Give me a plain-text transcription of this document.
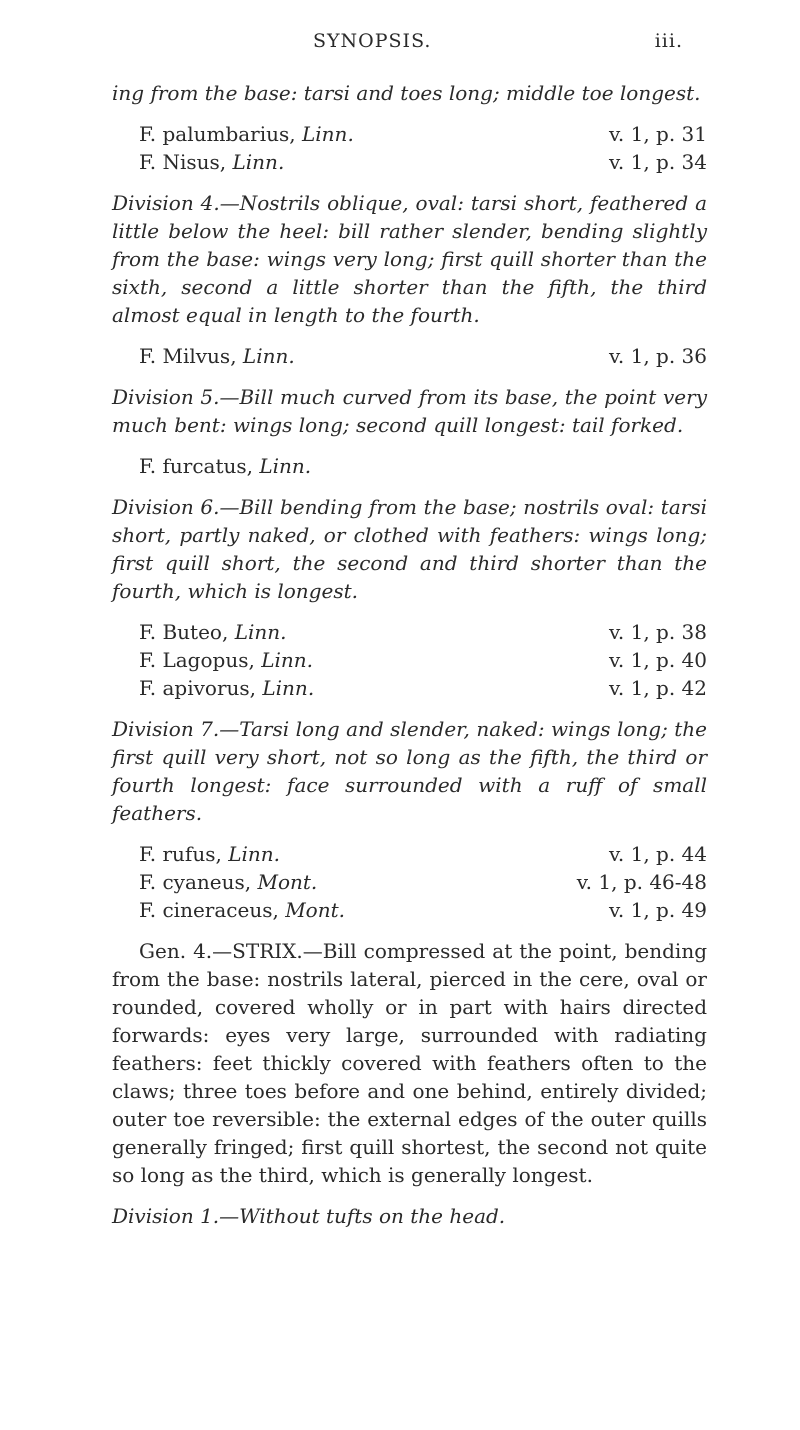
SYNOPSIS.	iii.

ing from the base: tarsi and toes long; middle toe longest.

F. palumbarius, Linn.	v. 1, p. 31
F. Nisus, Linn.	v. 1, p. 34

Division 4.—Nostrils oblique, oval: tarsi short, feathered a little below the heel: bill rather slender, bending slightly from the base: wings very long; first quill shorter than the sixth, second a little shorter than the fifth, the third almost equal in length to the fourth.

F. Milvus, Linn.	v. 1, p. 36

Division 5.—Bill much curved from its base, the point very much bent: wings long; second quill longest: tail forked.

F. furcatus, Linn.

Division 6.—Bill bending from the base; nostrils oval: tarsi short, partly naked, or clothed with feathers: wings long; first quill short, the second and third shorter than the fourth, which is longest.

F. Buteo, Linn.	v. 1, p. 38
F. Lagopus, Linn.	v. 1, p. 40
F. apivorus, Linn.	v. 1, p. 42

Division 7.—Tarsi long and slender, naked: wings long; the first quill very short, not so long as the fifth, the third or fourth longest: face surrounded with a ruff of small feathers.

F. rufus, Linn.	v. 1, p. 44
F. cyaneus, Mont.	v. 1, p. 46-48
F. cineraceus, Mont.	v. 1, p. 49

Gen. 4.—STRIX.—Bill compressed at the point, bending from the base: nostrils lateral, pierced in the cere, oval or rounded, covered wholly or in part with hairs directed forwards: eyes very large, surrounded with radiating feathers: feet thickly covered with feathers often to the claws; three toes before and one behind, entirely divided; outer toe reversible: the external edges of the outer quills generally fringed; first quill shortest, the second not quite so long as the third, which is generally longest.

Division 1.—Without tufts on the head.
